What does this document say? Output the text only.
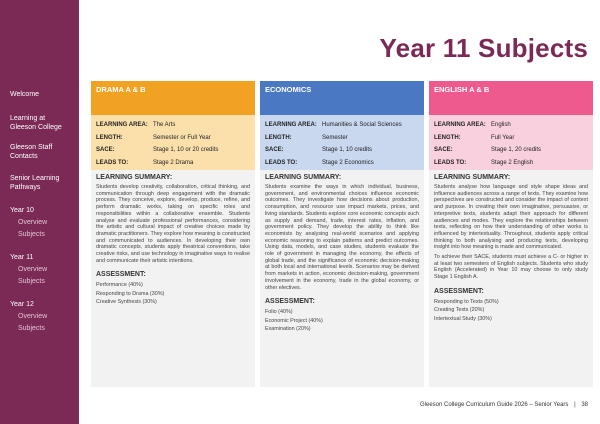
Welcome
Learning at
Gleeson College
Gleeson Staff
Contacts
Senior Learning
Pathways
Year 10
Overview
Subjects
Year 11
Overview
Subjects
Year 12
Overview
Subjects
Year 11 Subjects
DRAMA A & B
LEARNING AREA: The Arts
LENGTH:	Semester or Full Year
SACE:	Stage 1, 10 or 20 credits
LEADS TO:	Stage 2 Drama
LEARNING SUMMARY:

Students develop creativity, collaboration, critical thinking, and communication through deep engagement with the dramatic process. They conceive, explore, develop, produce, refine, and perform dramatic works, taking on specific roles and responsibilities within a collaborative ensemble. Students analyse and evaluate professional performances, considering the artistic and cultural impact of creative choices made by dramatic practitioners. They explore how meaning is constructed and communicated to audiences. In developing their own dramatic concepts, students apply theatrical conventions, take creative risks, and use technology in imaginative ways to realise and communicate their artistic intentions.

ASSESSMENT:
Performance (40%)
Responding to Drama (30%)
Creative Synthesis (30%)
ECONOMICS
LEARNING AREA: Humanities & Social Sciences
LENGTH:	Semester
SACE:	Stage 1, 10 credits
LEADS TO:	Stage 2 Economics
LEARNING SUMMARY:

Students examine the ways in which individual, business, government, and environmental choices influence economic outcomes. They investigate how decisions about production, consumption, and resource use impact markets, prices, and living standards. Students explore core economic concepts such as supply and demand, trade, interest rates, inflation, and government policy. They develop the ability to think like economists by analysing real-world scenarios and applying economic reasoning to explain patterns and predict outcomes. Using data, models, and case studies, students evaluate the role of government in managing the economy, the effects of global trade, and the significance of economic decision-making at both local and international levels. Scenarios may be derived from markets in action, economic decision-making, government involvement in the economy, trade in the global economy, or other electives.

ASSESSMENT:
Folio (40%)
Economic Project (40%)
Examination (20%)
ENGLISH A & B
LEARNING AREA: English
LENGTH:	Full Year
SACE:	Stage 1, 20 credits
LEADS TO:	Stage 2 English
LEARNING SUMMARY:

Students analyse how language and style shape ideas and influence audiences across a range of texts. They examine how perspectives are constructed and consider the impact of context and purpose. In creating their own imaginative, persuasive, or interpretive texts, students adapt their approach for different audiences and modes. They explore the relationships between texts, reflecting on how their understanding of other works is influenced by intertextuality. Throughout, students apply critical thinking to both analysing and producing texts, developing insight into how meaning is made and communicated.

To achieve their SACE, students must achieve a C- or higher in at least two semesters of English subjects. Students who study English (Accelerated) in Year 10 may choose to only study Stage 1 English A.

ASSESSMENT:
Responding to Texts (50%)
Creating Texts (20%)
Intertextual Study (30%)
Gleeson College Curriculum Guide 2026 – Senior Years | 38
